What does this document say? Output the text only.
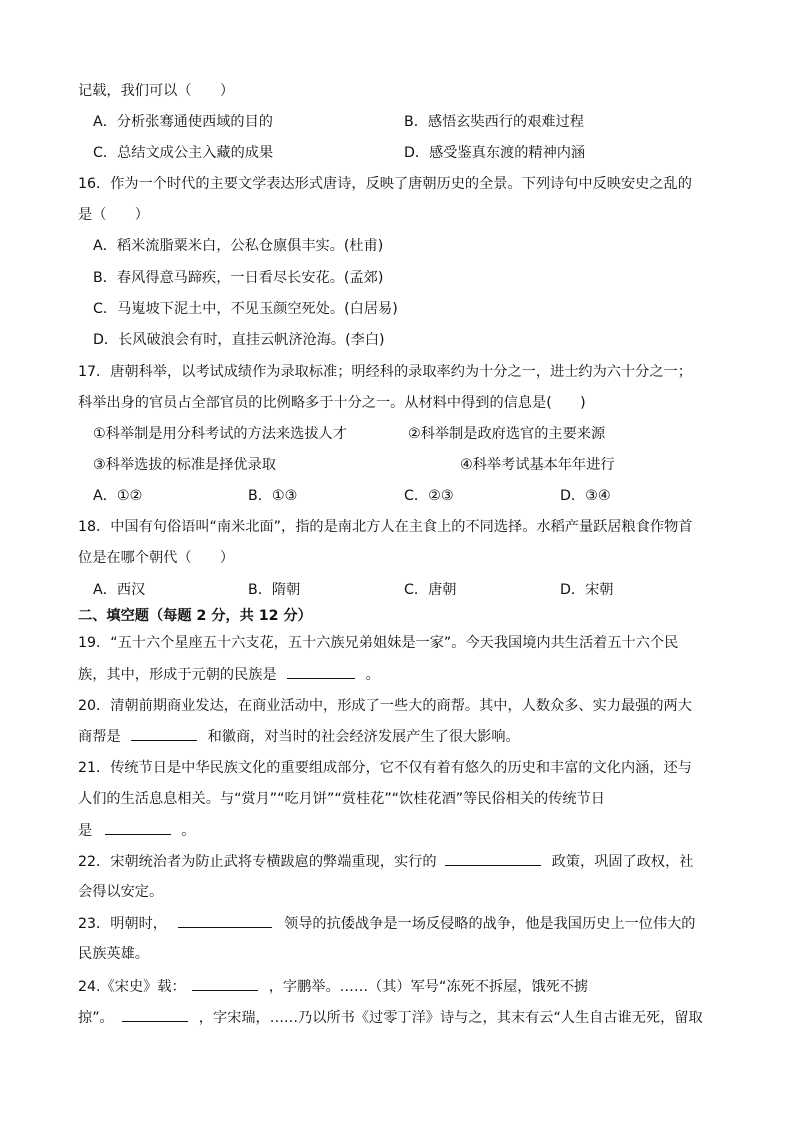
记载，我们可以（　　）
A．分析张骞通使西域的目的	B．感悟玄奘西行的艰难过程
C．总结文成公主入藏的成果	D．感受鉴真东渡的精神内涵
16．作为一个时代的主要文学表达形式唐诗，反映了唐朝历史的全景。下列诗句中反映安史之乱的
是（　　）
A．稻米流脂粟米白，公私仓廪俱丰实。(杜甫)
B．春风得意马蹄疾，一日看尽长安花。(孟郊)
C．马嵬坡下泥土中，不见玉颜空死处。(白居易)
D．长风破浪会有时，直挂云帆济沧海。(李白)
17．唐朝科举，以考试成绩作为录取标准；明经科的录取率约为十分之一，进士约为六十分之一；
科举出身的官员占全部官员的比例略多于十分之一。从材料中得到的信息是(　　)
①科举制是用分科考试的方法来选拔人才	②科举制是政府选官的主要来源
③科举选拔的标准是择优录取	④科举考试基本年年进行
A．①②	B．①③	C．②③	D．③④
18．中国有句俗语叫“南米北面”，指的是南北方人在主食上的不同选择。水稻产量跃居粮食作物首
位是在哪个朝代（　　）
A．西汉	B．隋朝	C．唐朝	D．宋朝
二、填空题（每题 2 分，共 12 分）
19．“五十六个星座五十六支花，五十六族兄弟姐妹是一家”。今天我国境内共生活着五十六个民
族，其中，形成于元朝的民族是	。
20．清朝前期商业发达，在商业活动中，形成了一些大的商帮。其中，人数众多、实力最强的两大
商帮是	和徽商，对当时的社会经济发展产生了很大影响。
21．传统节日是中华民族文化的重要组成部分，它不仅有着有悠久的历史和丰富的文化内涵，还与
人们的生活息息相关。与“赏月”“吃月饼”“赏桂花”“饮桂花酒”等民俗相关的传统节日
是	。
22．宋朝统治者为防止武将专横跋扈的弊端重现，实行的	政策，巩固了政权，社
会得以安定。
23．明朝时，	领导的抗倭战争是一场反侵略的战争，他是我国历史上一位伟大的
民族英雄。
24.《宋史》载：	，字鹏举。……（其）军号“冻死不拆屋，饿死不掳
掠”。	，字宋瑞，……乃以所书《过零丁洋》诗与之，其末有云“人生自古谁无死，留取
